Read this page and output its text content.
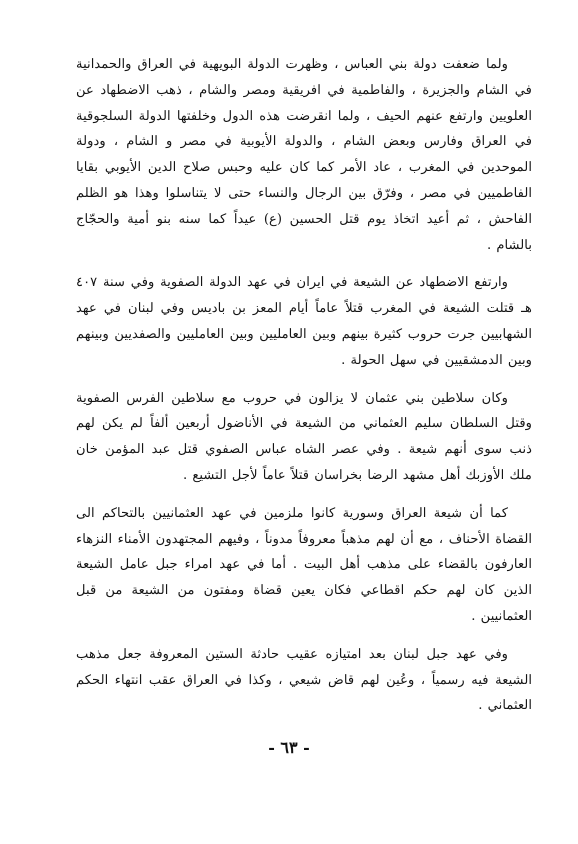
ولما ضعفت دولة بني العباس ، وظهرت الدولة البويهية في العراق والحمدانية في الشام والجزيرة ، والفاطمية في افريقية ومصر والشام ، ذهب الاضطهاد عن العلويين وارتفع عنهم الحيف ، ولما انقرضت هذه الدول وخلفتها الدولة السلجوقية في العراق وفارس وبعض الشام ، والدولة الأيوبية في مصر و الشام ، ودولة الموحدين في المغرب ، عاد الأمر كما كان عليه وحبس صلاح الدين الأيوبي بقايا الفاطميين في مصر ، وفرّق بين الرجال والنساء حتى لا يتناسلوا وهذا هو الظلم الفاحش ، ثم أعيد اتخاذ يوم قتل الحسين (ع) عيداً كما سنه بنو أمية والحجّاج بالشام .

وارتفع الاضطهاد عن الشيعة في ايران في عهد الدولة الصفوية وفي سنة ٤٠٧ هـ قتلت الشيعة في المغرب قتلاً عاماً أيام المعز بن باديس وفي لبنان في عهد الشهابيين جرت حروب كثيرة بينهم وبين العامليين وبين العامليين والصفديين وبينهم وبين الدمشقيين في سهل الحولة .

وكان سلاطين بني عثمان لا يزالون في حروب مع سلاطين الفرس الصفوية وقتل السلطان سليم العثماني من الشيعة في الأناضول أربعين ألفاً لم يكن لهم ذنب سوى أنهم شيعة . وفي عصر الشاه عباس الصفوي قتل عبد المؤمن خان ملك الأوزبك أهل مشهد الرضا بخراسان قتلاً عاماً لأجل التشيع .

كما أن شيعة العراق وسورية كانوا ملزمين في عهد العثمانيين بالتحاكم الى القضاة الأحناف ، مع أن لهم مذهباً معروفاً مدوناً ، وفيهم المجتهدون الأمناء النزهاء العارفون بالقضاء على مذهب أهل البيت . أما في عهد امراء جبل عامل الشيعة الذين كان لهم حكم اقطاعي فكان يعين قضاة ومفتون من الشيعة من قبل العثمانيين .

وفي عهد جبل لبنان بعد امتيازه عقيب حادثة الستين المعروفة جعل مذهب الشيعة فيه رسمياً ، وعُين لهم قاض شيعي ، وكذا في العراق عقب انتهاء الحكم العثماني .

- ٦٣ -
